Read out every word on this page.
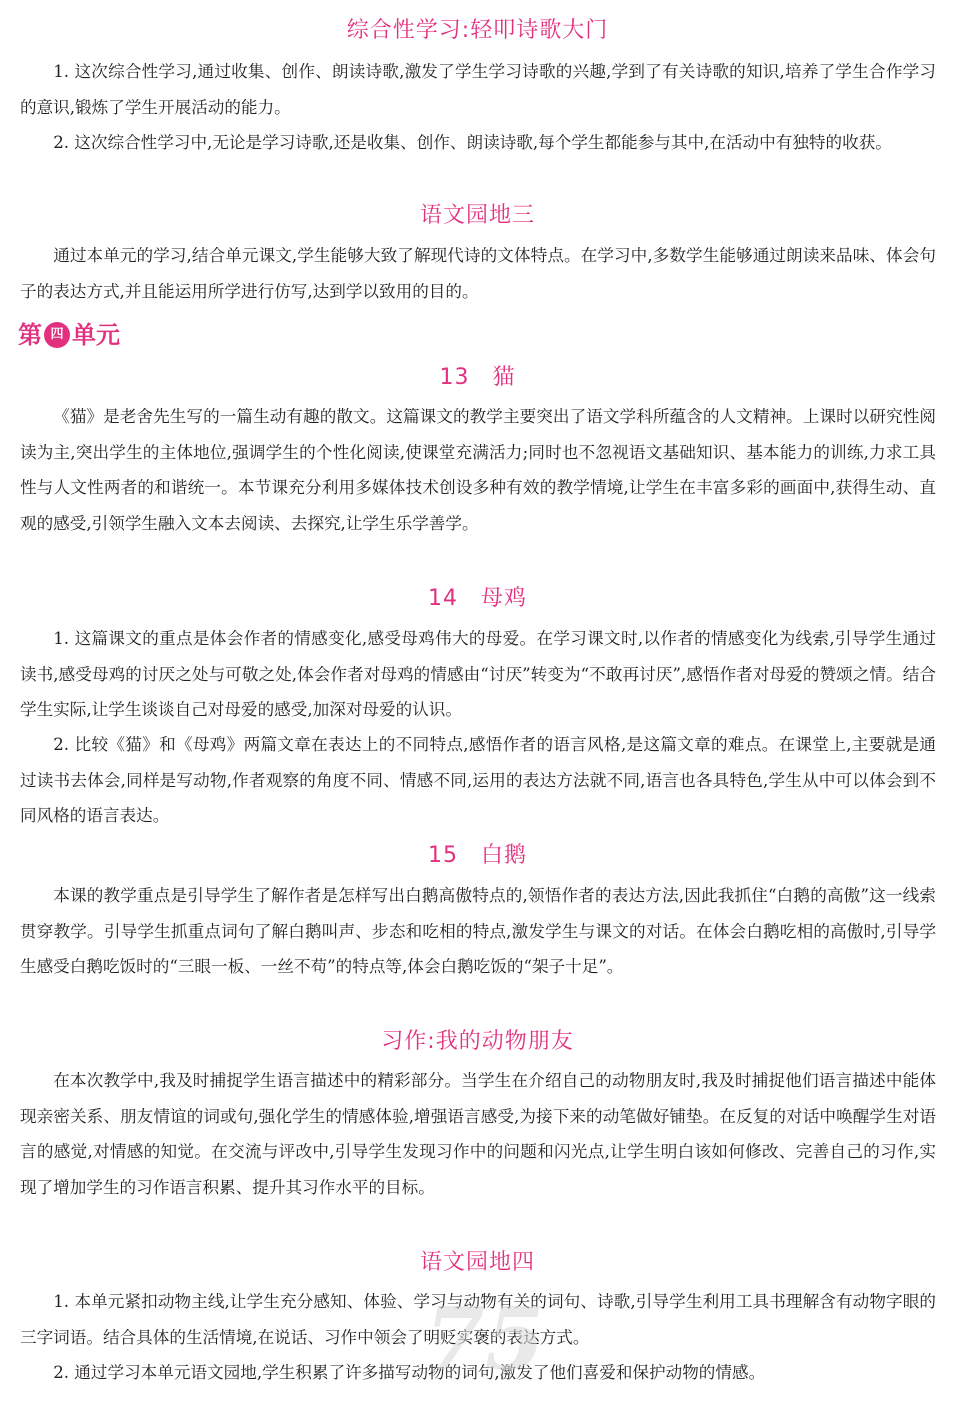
综合性学习:轻叩诗歌大门

1. 这次综合性学习,通过收集、创作、朗读诗歌,激发了学生学习诗歌的兴趣,学到了有关诗歌的知识,培养了学生合作学习的意识,锻炼了学生开展活动的能力。

2. 这次综合性学习中,无论是学习诗歌,还是收集、创作、朗读诗歌,每个学生都能参与其中,在活动中有独特的收获。

语文园地三

通过本单元的学习,结合单元课文,学生能够大致了解现代诗的文体特点。在学习中,多数学生能够通过朗读来品味、体会句子的表达方式,并且能运用所学进行仿写,达到学以致用的目的。

第 四 单元
13　猫

《猫》是老舍先生写的一篇生动有趣的散文。这篇课文的教学主要突出了语文学科所蕴含的人文精神。上课时以研究性阅读为主,突出学生的主体地位,强调学生的个性化阅读,使课堂充满活力;同时也不忽视语文基础知识、基本能力的训练,力求工具性与人文性两者的和谐统一。本节课充分利用多媒体技术创设多种有效的教学情境,让学生在丰富多彩的画面中,获得生动、直观的感受,引领学生融入文本去阅读、去探究,让学生乐学善学。

14　母鸡

1. 这篇课文的重点是体会作者的情感变化,感受母鸡伟大的母爱。在学习课文时,以作者的情感变化为线索,引导学生通过读书,感受母鸡的讨厌之处与可敬之处,体会作者对母鸡的情感由“讨厌”转变为“不敢再讨厌”,感悟作者对母爱的赞颂之情。结合学生实际,让学生谈谈自己对母爱的感受,加深对母爱的认识。

2. 比较《猫》和《母鸡》两篇文章在表达上的不同特点,感悟作者的语言风格,是这篇文章的难点。在课堂上,主要就是通过读书去体会,同样是写动物,作者观察的角度不同、情感不同,运用的表达方法就不同,语言也各具特色,学生从中可以体会到不同风格的语言表达。

15　白鹅

本课的教学重点是引导学生了解作者是怎样写出白鹅高傲特点的,领悟作者的表达方法,因此我抓住“白鹅的高傲”这一线索贯穿教学。引导学生抓重点词句了解白鹅叫声、步态和吃相的特点,激发学生与课文的对话。在体会白鹅吃相的高傲时,引导学生感受白鹅吃饭时的“三眼一板、一丝不苟”的特点等,体会白鹅吃饭的“架子十足”。

习作:我的动物朋友

在本次教学中,我及时捕捉学生语言描述中的精彩部分。当学生在介绍自己的动物朋友时,我及时捕捉他们语言描述中能体现亲密关系、朋友情谊的词或句,强化学生的情感体验,增强语言感受,为接下来的动笔做好铺垫。在反复的对话中唤醒学生对语言的感觉,对情感的知觉。在交流与评改中,引导学生发现习作中的问题和闪光点,让学生明白该如何修改、完善自己的习作,实现了增加学生的习作语言积累、提升其习作水平的目标。

语文园地四

1. 本单元紧扣动物主线,让学生充分感知、体验、学习与动物有关的词句、诗歌,引导学生利用工具书理解含有动物字眼的三字词语。结合具体的生活情境,在说话、习作中领会了明贬实褒的表达方式。

2. 通过学习本单元语文园地,学生积累了许多描写动物的词句,激发了他们喜爱和保护动物的情感。

75
